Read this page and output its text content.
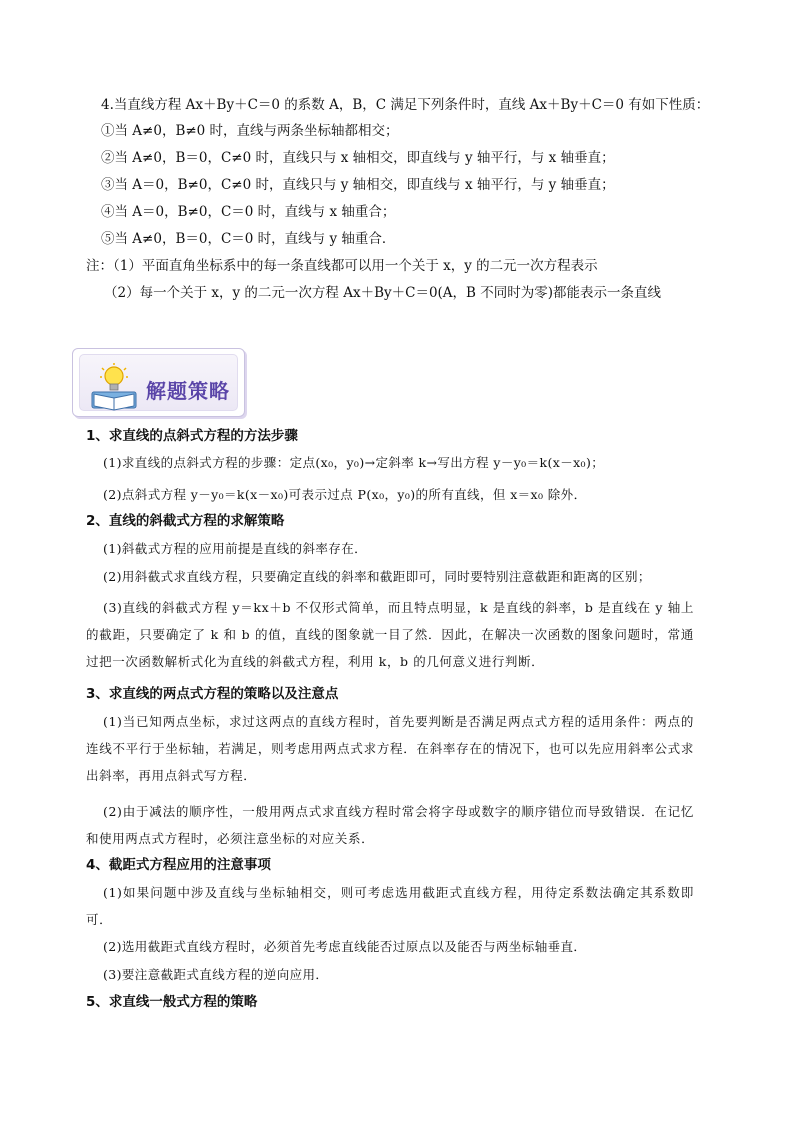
4.当直线方程 Ax＋By＋C＝0 的系数 A，B，C 满足下列条件时，直线 Ax＋By＋C＝0 有如下性质：
①当 A≠0，B≠0 时，直线与两条坐标轴都相交；
②当 A≠0，B＝0，C≠0 时，直线只与 x 轴相交，即直线与 y 轴平行，与 x 轴垂直；
③当 A＝0，B≠0，C≠0 时，直线只与 y 轴相交，即直线与 x 轴平行，与 y 轴垂直；
④当 A＝0，B≠0，C＝0 时，直线与 x 轴重合；
⑤当 A≠0，B＝0，C＝0 时，直线与 y 轴重合．
注：（1）平面直角坐标系中的每一条直线都可以用一个关于 x，y 的二元一次方程表示
（2）每一个关于 x，y 的二元一次方程 Ax＋By＋C＝0(A，B 不同时为零)都能表示一条直线
解题策略
1、求直线的点斜式方程的方法步骤
(1)求直线的点斜式方程的步骤：定点(x₀，y₀)→定斜率 k→写出方程 y－y₀＝k(x－x₀)；
(2)点斜式方程 y－y₀＝k(x－x₀)可表示过点 P(x₀，y₀)的所有直线，但 x＝x₀ 除外．
2、直线的斜截式方程的求解策略
(1)斜截式方程的应用前提是直线的斜率存在．
(2)用斜截式求直线方程，只要确定直线的斜率和截距即可，同时要特别注意截距和距离的区别；
(3)直线的斜截式方程 y＝kx＋b 不仅形式简单，而且特点明显，k 是直线的斜率，b 是直线在 y 轴上的截距，只要确定了 k 和 b 的值，直线的图象就一目了然．因此，在解决一次函数的图象问题时，常通过把一次函数解析式化为直线的斜截式方程，利用 k，b 的几何意义进行判断．
3、求直线的两点式方程的策略以及注意点
(1)当已知两点坐标，求过这两点的直线方程时，首先要判断是否满足两点式方程的适用条件：两点的连线不平行于坐标轴，若满足，则考虑用两点式求方程．在斜率存在的情况下，也可以先应用斜率公式求出斜率，再用点斜式写方程．
(2)由于减法的顺序性，一般用两点式求直线方程时常会将字母或数字的顺序错位而导致错误．在记忆和使用两点式方程时，必须注意坐标的对应关系．
4、截距式方程应用的注意事项
(1)如果问题中涉及直线与坐标轴相交，则可考虑选用截距式直线方程，用待定系数法确定其系数即可．
(2)选用截距式直线方程时，必须首先考虑直线能否过原点以及能否与两坐标轴垂直．
(3)要注意截距式直线方程的逆向应用．
5、求直线一般式方程的策略
